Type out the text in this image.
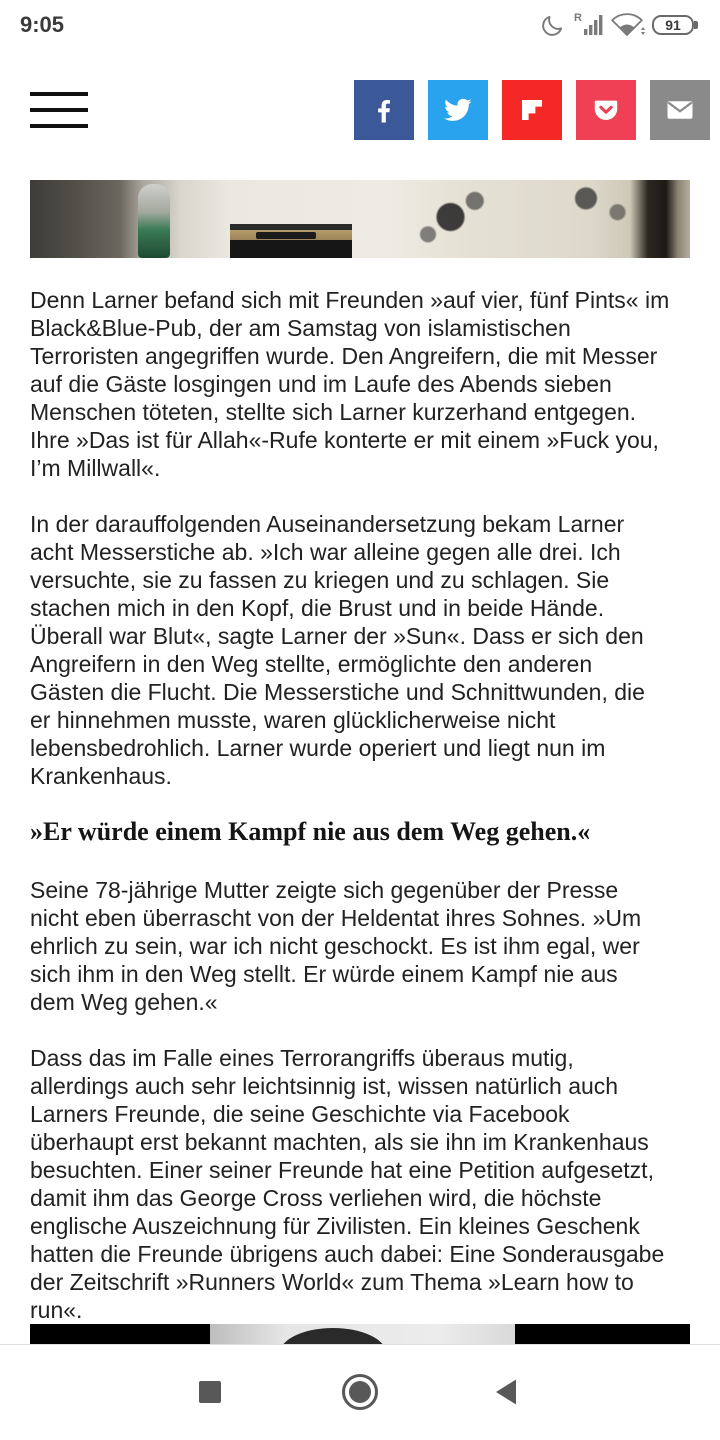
9:05	R	91

Denn Larner befand sich mit Freunden »auf vier, fünf Pints« im
Black&Blue-Pub, der am Samstag von islamistischen
Terroristen angegriffen wurde. Den Angreifern, die mit Messer
auf die Gäste losgingen und im Laufe des Abends sieben
Menschen töteten, stellte sich Larner kurzerhand entgegen.
Ihre »Das ist für Allah«-Rufe konterte er mit einem »Fuck you,
I’m Millwall«.

In der darauffolgenden Auseinandersetzung bekam Larner
acht Messerstiche ab. »Ich war alleine gegen alle drei. Ich
versuchte, sie zu fassen zu kriegen und zu schlagen. Sie
stachen mich in den Kopf, die Brust und in beide Hände.
Überall war Blut«, sagte Larner der »Sun«. Dass er sich den
Angreifern in den Weg stellte, ermöglichte den anderen
Gästen die Flucht. Die Messerstiche und Schnittwunden, die
er hinnehmen musste, waren glücklicherweise nicht
lebensbedrohlich. Larner wurde operiert und liegt nun im
Krankenhaus.

»Er würde einem Kampf nie aus dem Weg gehen.«

Seine 78-jährige Mutter zeigte sich gegenüber der Presse
nicht eben überrascht von der Heldentat ihres Sohnes. »Um
ehrlich zu sein, war ich nicht geschockt. Es ist ihm egal, wer
sich ihm in den Weg stellt. Er würde einem Kampf nie aus
dem Weg gehen.«

Dass das im Falle eines Terrorangriffs überaus mutig,
allerdings auch sehr leichtsinnig ist, wissen natürlich auch
Larners Freunde, die seine Geschichte via Facebook
überhaupt erst bekannt machten, als sie ihn im Krankenhaus
besuchten. Einer seiner Freunde hat eine Petition aufgesetzt,
damit ihm das George Cross verliehen wird, die höchste
englische Auszeichnung für Zivilisten. Ein kleines Geschenk
hatten die Freunde übrigens auch dabei: Eine Sonderausgabe
der Zeitschrift »Runners World« zum Thema »Learn how to
run«.
